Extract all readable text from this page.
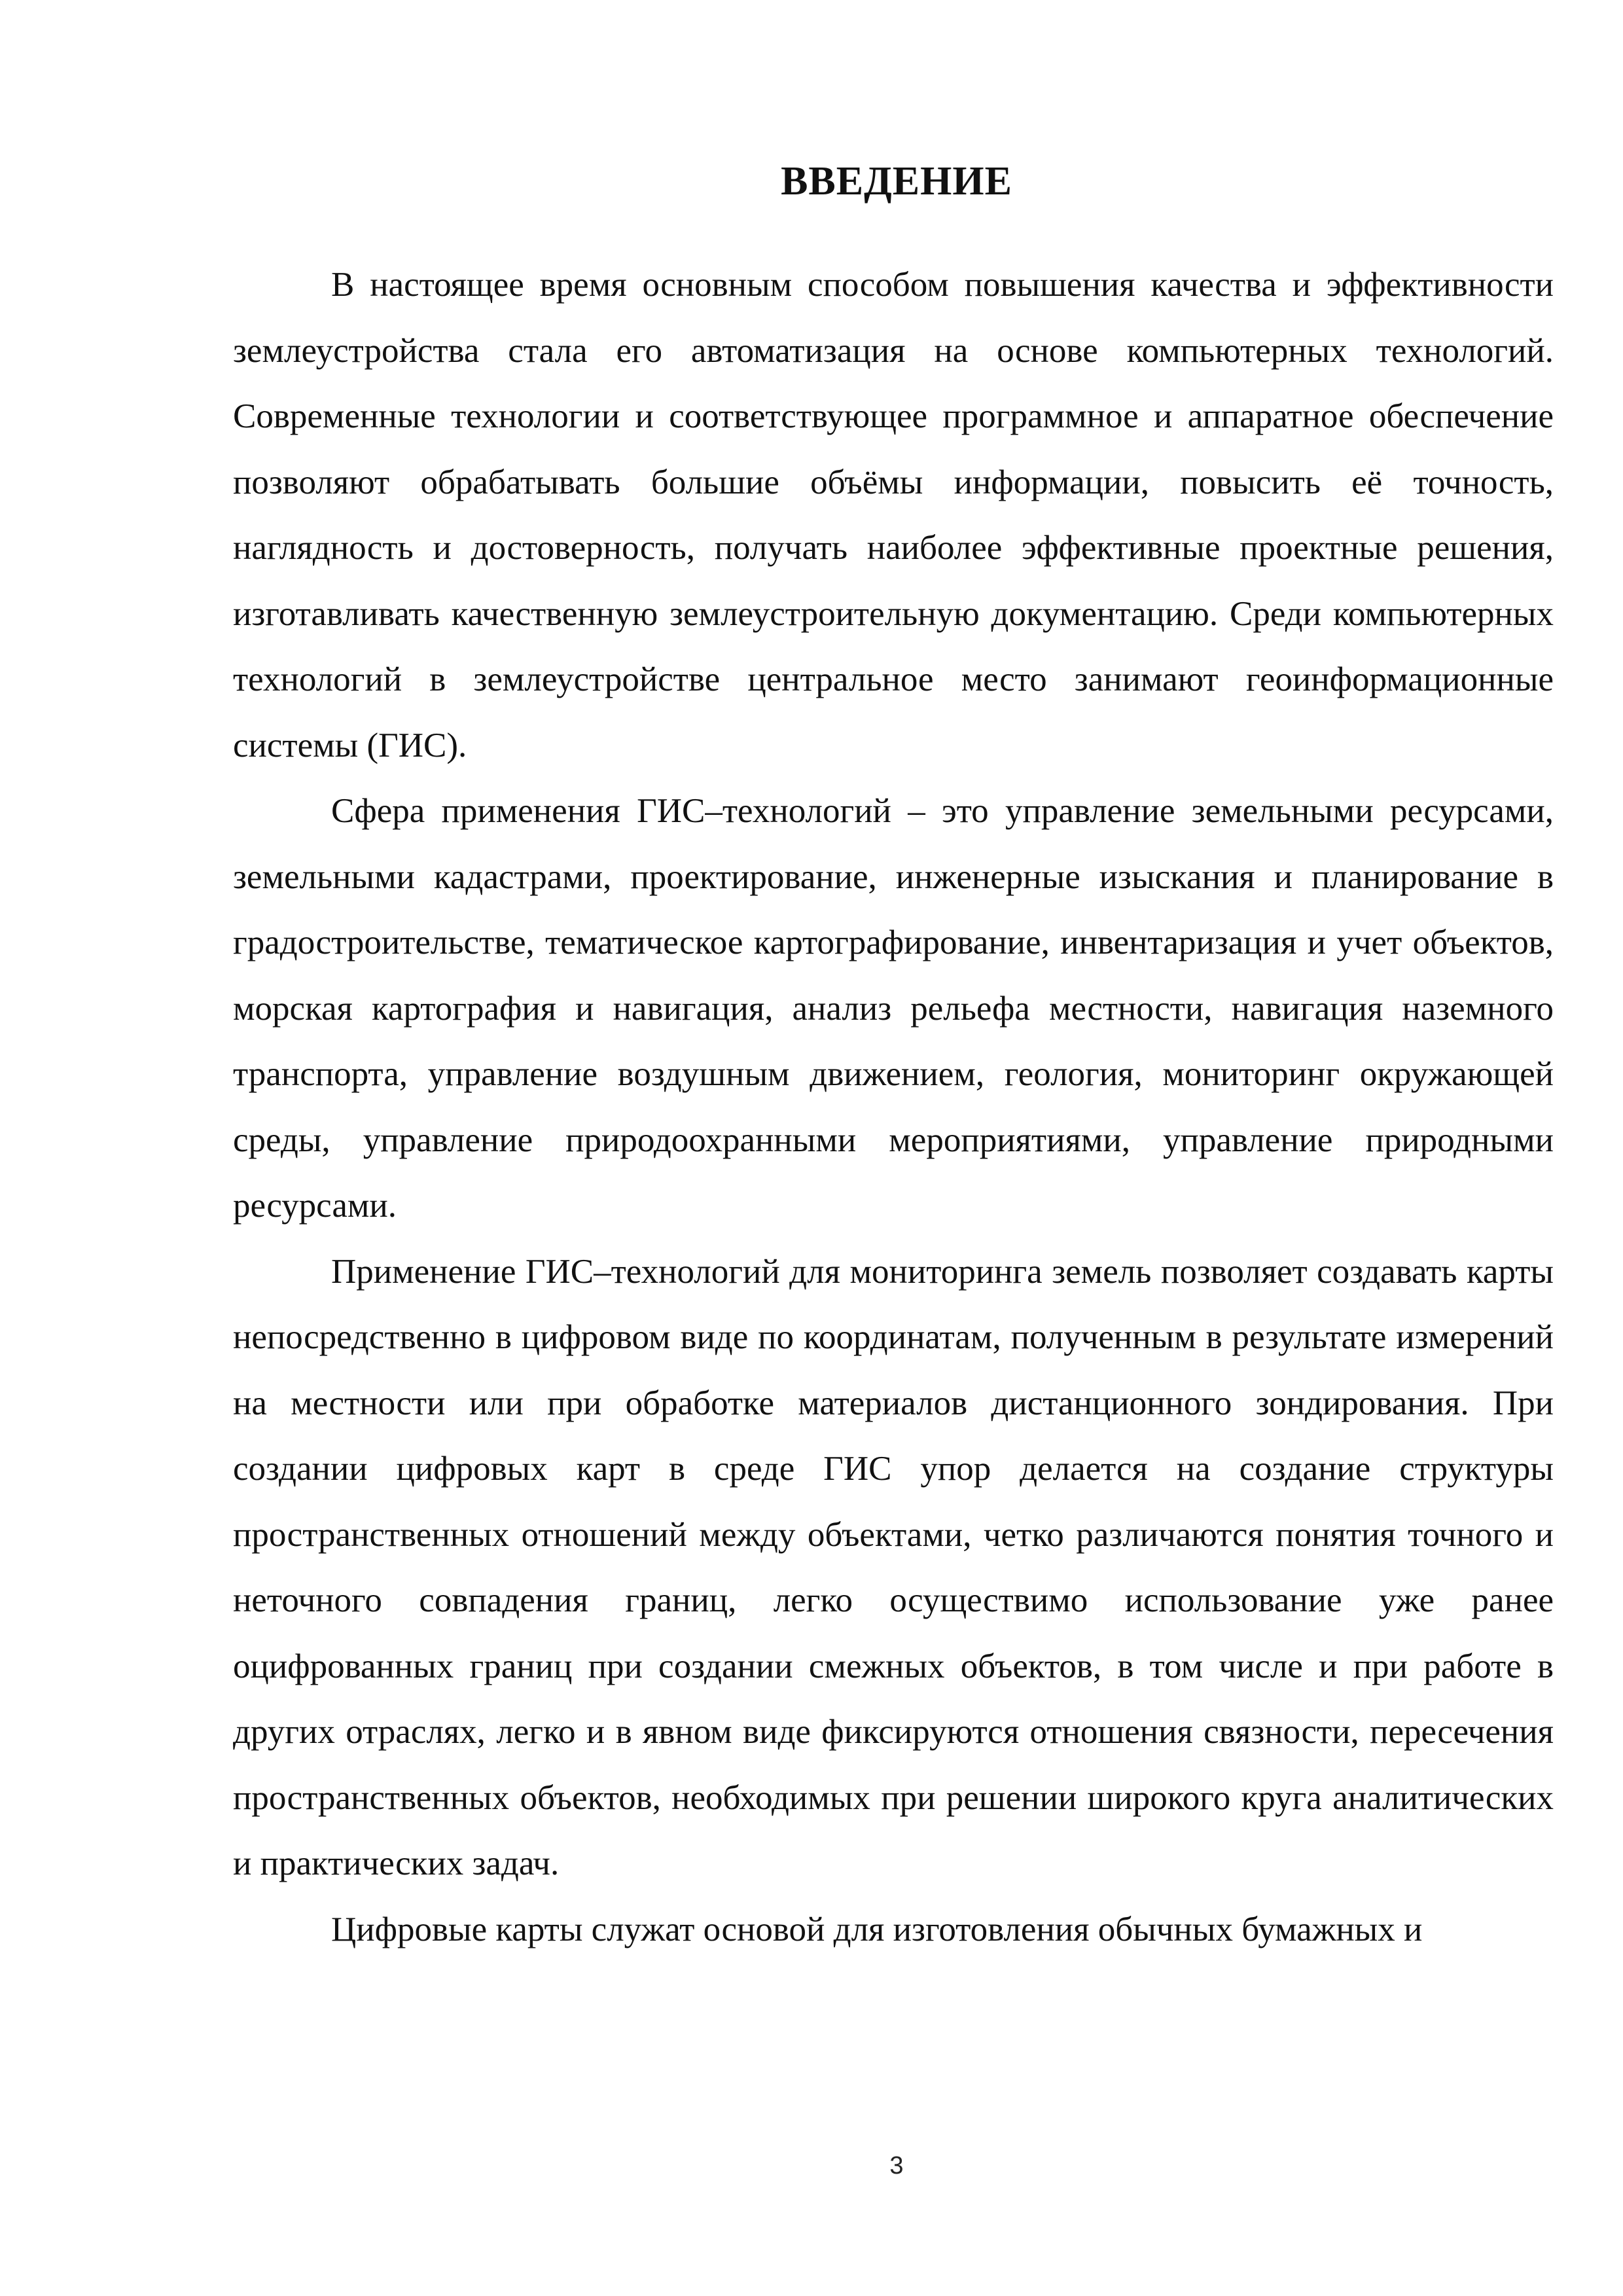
ВВЕДЕНИЕ

В настоящее время основным способом повышения качества и эффективности землеустройства стала его автоматизация на основе компьютерных технологий. Современные технологии и соответствующее программное и аппаратное обеспечение позволяют обрабатывать большие объёмы информации, повысить её точность, наглядность и достоверность, получать наиболее эффективные проектные решения, изготавливать качественную землеустроительную документацию. Среди компьютерных технологий в землеустройстве центральное место занимают геоинформационные системы (ГИС).

Сфера применения ГИС–технологий – это управление земельными ресурсами, земельными кадастрами, проектирование, инженерные изыскания и планирование в градостроительстве, тематическое картографирование, инвентаризация и учет объектов, морская картография и навигация, анализ рельефа местности, навигация наземного транспорта, управление воздушным движением, геология, мониторинг окружающей среды, управление природоохранными мероприятиями, управление природными ресурсами.

Применение ГИС–технологий для мониторинга земель позволяет создавать карты непосредственно в цифровом виде по координатам, полученным в результате измерений на местности или при обработке материалов дистанционного зондирования. При создании цифровых карт в среде ГИС упор делается на создание структуры пространственных отношений между объектами, четко различаются понятия точного и неточного совпадения границ, легко осуществимо использование уже ранее оцифрованных границ при создании смежных объектов, в том числе и при работе в других отраслях, легко и в явном виде фиксируются отношения связности, пересечения пространственных объектов, необходимых при решении широкого круга аналитических и практических задач.

Цифровые карты служат основой для изготовления обычных бумажных и

3
